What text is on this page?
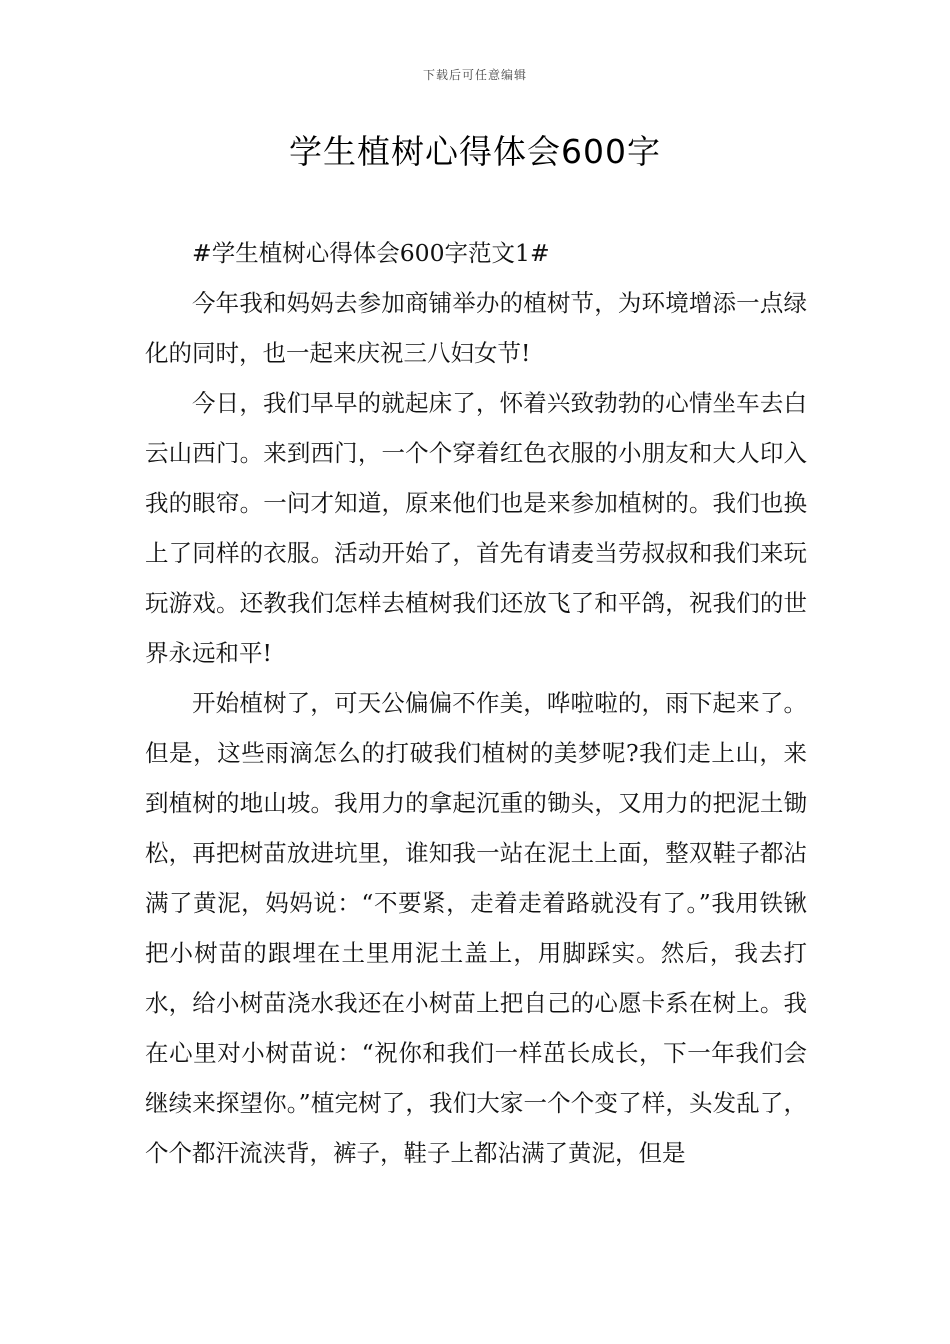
下载后可任意编辑
学生植树心得体会600字

#学生植树心得体会600字范文1#

今年我和妈妈去参加商铺举办的植树节，为环境增添一点绿化的同时，也一起来庆祝三八妇女节!

今日，我们早早的就起床了，怀着兴致勃勃的心情坐车去白云山西门。来到西门，一个个穿着红色衣服的小朋友和大人印入我的眼帘。一问才知道，原来他们也是来参加植树的。我们也换上了同样的衣服。活动开始了，首先有请麦当劳叔叔和我们来玩玩游戏。还教我们怎样去植树我们还放飞了和平鸽，祝我们的世界永远和平!

开始植树了，可天公偏偏不作美，哗啦啦的，雨下起来了。但是，这些雨滴怎么的打破我们植树的美梦呢?我们走上山，来到植树的地山坡。我用力的拿起沉重的锄头，又用力的把泥土锄松，再把树苗放进坑里，谁知我一站在泥土上面，整双鞋子都沾满了黄泥，妈妈说：“不要紧，走着走着路就没有了。”我用铁锹把小树苗的跟埋在土里用泥土盖上，用脚踩实。然后，我去打水，给小树苗浇水我还在小树苗上把自己的心愿卡系在树上。我在心里对小树苗说：“祝你和我们一样茁长成长，下一年我们会继续来探望你。”植完树了，我们大家一个个变了样，头发乱了，个个都汗流浃背，裤子，鞋子上都沾满了黄泥，但是
